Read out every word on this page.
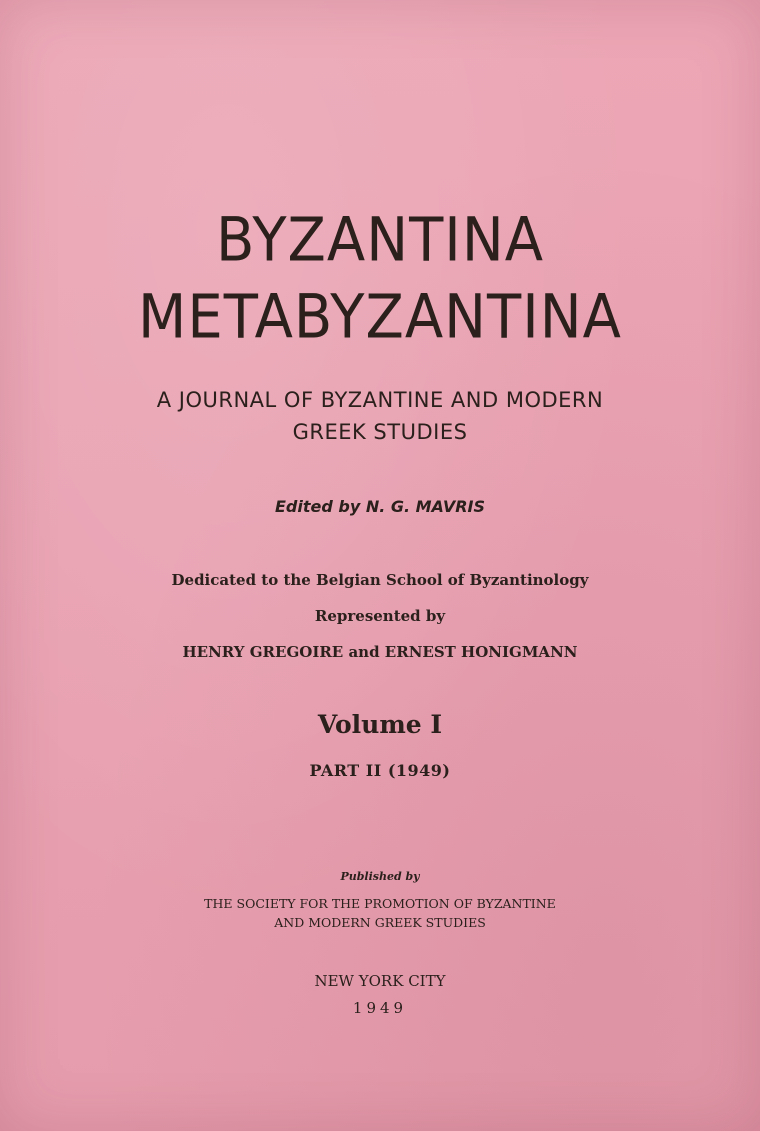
BYZANTINA
METABYZANTINA
A JOURNAL OF BYZANTINE AND MODERN
GREEK STUDIES
Edited by N. G. MAVRIS
Dedicated to the Belgian School of Byzantinology
Represented by
HENRY GREGOIRE and ERNEST HONIGMANN
Volume I
PART II (1949)
Published by
THE SOCIETY FOR THE PROMOTION OF BYZANTINE
AND MODERN GREEK STUDIES
NEW YORK CITY
1949
